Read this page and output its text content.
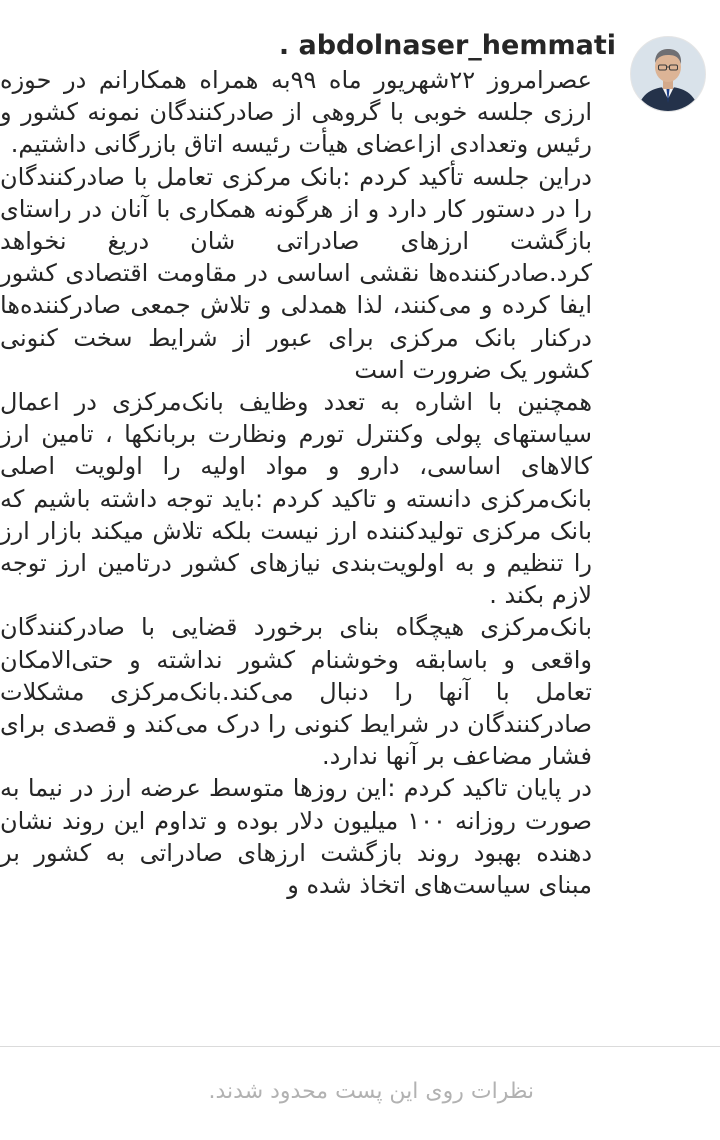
. abdolnaser_hemmati

عصرامروز ۲۲شهریور ماه ۹۹به همراه همکارانم در حوزه ارزی جلسه خوبی با گروهی از صادرکنندگان نمونه کشور و رئیس وتعدادی ازاعضای هیأت رئیسه اتاق بازرگانی داشتیم.

دراین جلسه تأکید کردم :بانک مرکزی تعامل با صادرکنندگان را در دستور کار دارد و از هرگونه همکاری با آنان در راستای بازگشت ارزهای صادراتی شان دریغ نخواهد کرد.صادرکننده‌ها نقشی اساسی در مقاومت اقتصادی کشور ایفا کرده و می‌کنند، لذا همدلی و تلاش جمعی صادرکننده‌ها درکنار بانک مرکزی برای عبور از شرایط سخت کنونی کشور یک ضرورت است

همچنین با اشاره به تعدد وظایف بانک‌مرکزی در اعمال سیاستهای پولی وکنترل تورم ونظارت بربانکها ، تامین ارز کالاهای اساسی، دارو و مواد اولیه را اولویت اصلی بانک‌مرکزی دانسته و تاکید کردم :باید توجه داشته باشیم که بانک مرکزی تولیدکننده ارز نیست بلکه تلاش میکند بازار ارز را تنظیم و به اولویت‌بندی نیازهای کشور درتامین ارز توجه لازم بکند .

بانک‌مرکزی هیچگاه بنای برخورد قضایی با صادرکنندگان واقعی و باسابقه وخوشنام کشور نداشته و حتی‌الامکان تعامل با آنها را دنبال می‌کند.بانک‌مرکزی مشکلات صادرکنندگان در شرایط کنونی را درک می‌کند و قصدی برای فشار مضاعف بر آنها ندارد.

در پایان تاکید کردم :این روزها متوسط عرضه ارز در نیما به صورت روزانه ۱۰۰ میلیون دلار بوده و تداوم این روند نشان دهنده بهبود روند بازگشت ارزهای صادراتی به کشور بر مبنای سیاست‌های اتخاذ شده و

نظرات روی این پست محدود شدند.
